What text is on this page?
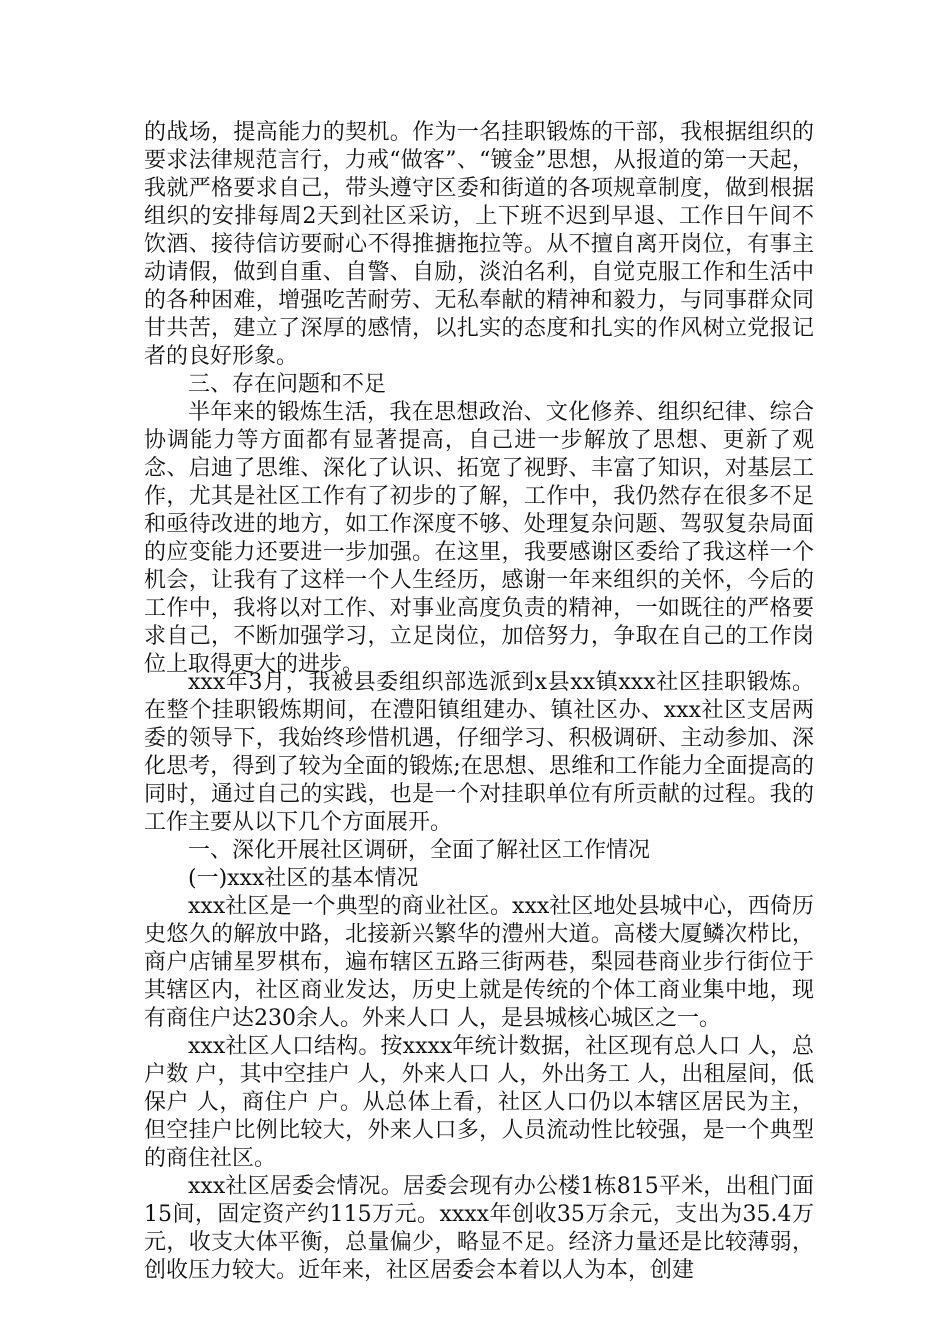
的战场，提高能力的契机。作为一名挂职锻炼的干部，我根据组织的要求法律规范言行，力戒“做客”、“镀金”思想，从报道的第一天起，我就严格要求自己，带头遵守区委和街道的各项规章制度，做到根据组织的安排每周2天到社区采访，上下班不迟到早退、工作日午间不饮酒、接待信访要耐心不得推搪拖拉等。从不擅自离开岗位，有事主动请假，做到自重、自警、自励，淡泊名利，自觉克服工作和生活中的各种困难，增强吃苦耐劳、无私奉献的精神和毅力，与同事群众同甘共苦，建立了深厚的感情，以扎实的态度和扎实的作风树立党报记者的良好形象。

三、存在问题和不足

半年来的锻炼生活，我在思想政治、文化修养、组织纪律、综合协调能力等方面都有显著提高，自己进一步解放了思想、更新了观念、启迪了思维、深化了认识、拓宽了视野、丰富了知识，对基层工作，尤其是社区工作有了初步的了解，工作中，我仍然存在很多不足和亟待改进的地方，如工作深度不够、处理复杂问题、驾驭复杂局面的应变能力还要进一步加强。在这里，我要感谢区委给了我这样一个机会，让我有了这样一个人生经历，感谢一年来组织的关怀，今后的工作中，我将以对工作、对事业高度负责的精神，一如既往的严格要求自己，不断加强学习，立足岗位，加倍努力，争取在自己的工作岗位上取得更大的进步。

xxx年3月，我被县委组织部选派到x县xx镇xxx社区挂职锻炼。在整个挂职锻炼期间，在澧阳镇组建办、镇社区办、xxx社区支居两委的领导下，我始终珍惜机遇，仔细学习、积极调研、主动参加、深化思考，得到了较为全面的锻炼;在思想、思维和工作能力全面提高的同时，通过自己的实践，也是一个对挂职单位有所贡献的过程。我的工作主要从以下几个方面展开。

一、深化开展社区调研，全面了解社区工作情况

(一)xxx社区的基本情况

xxx社区是一个典型的商业社区。xxx社区地处县城中心，西倚历史悠久的解放中路，北接新兴繁华的澧州大道。高楼大厦鳞次栉比，商户店铺星罗棋布，遍布辖区五路三街两巷，梨园巷商业步行街位于其辖区内，社区商业发达，历史上就是传统的个体工商业集中地，现有商住户达230余人。外来人口 人，是县城核心城区之一。

xxx社区人口结构。按xxxx年统计数据，社区现有总人口 人，总户数 户，其中空挂户 人，外来人口 人，外出务工 人，出租屋间，低保户 人，商住户 户。从总体上看，社区人口仍以本辖区居民为主，但空挂户比例比较大，外来人口多，人员流动性比较强，是一个典型的商住社区。

xxx社区居委会情况。居委会现有办公楼1栋815平米，出租门面15间，固定资产约115万元。xxxx年创收35万余元，支出为35.4万元，收支大体平衡，总量偏少，略显不足。经济力量还是比较薄弱，创收压力较大。近年来，社区居委会本着以人为本，创建
